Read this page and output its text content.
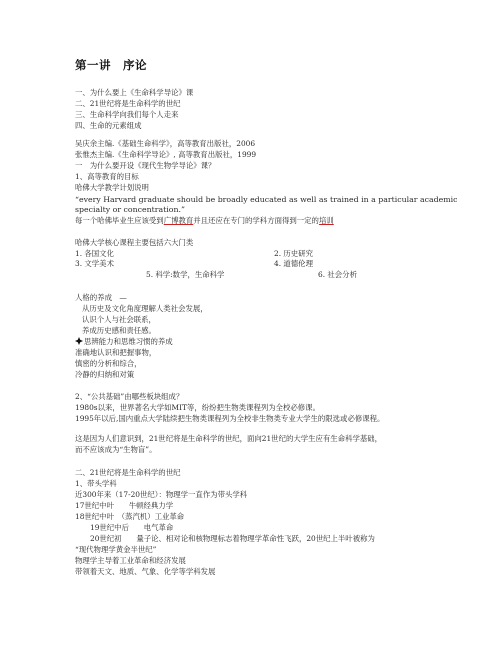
第一讲　序论
一、为什么要上《生命科学导论》课
二、21世纪将是生命科学的世纪
三、生命科学向我们每个人走来
四、生命的元素组成
吴庆余主编.《基础生命科学》，高等教育出版社，2006
张惟杰主编.《生命科学导论》, 高等教育出版社，1999
一　为什么要开设《现代生物学导论》课？
1、高等教育的目标
哈佛大学教学计划说明
“every Harvard graduate should be broadly educated as well as trained in a particular academic
specialty or concentration.”
每一个哈佛毕业生应该受到广博教育并且还应在专门的学科方面得到一定的培训
哈佛大学核心课程主要包括六大门类
1. 各国文化	2. 历史研究
3. 文学美术	4. 道德伦理
5. 科学:数学，生命科学	6. 社会分析
人格的养成　—
从历史及文化角度理解人类社会发展，
认识个人与社会联系，
养成历史感和责任感。
思辨能力和思维习惯的养成
准确地认识和把握事物，
慎密的分析和综合，
冷静的归纳和对策
2、“公共基础”由哪些板块组成？
1980s以来，世界著名大学如MIT等，纷纷把生物类课程列为全校必修课。
1995年以后,国内重点大学陆续把生物类课程列为全校非生物类专业大学生的限选或必修课程。
这是因为人们意识到，21世纪将是生命科学的世纪，面向21世纪的大学生应有生命科学基础，
而不应该成为“生物盲”。
二、21世纪将是生命科学的世纪
1、带头学科
近300年来（17-20世纪）：物理学一直作为带头学科
17世纪中叶　　牛顿经典力学
18世纪中叶　（蒸汽机）工业革命
19世纪中后　　电气革命
20世纪初　　量子论、相对论和核物理标志着物理学革命性飞跃，20世纪上半叶被称为
“现代物理学黄金半世纪”
物理学主导着工业革命和经济发展
带领着天文、地质、气象、化学等学科发展
